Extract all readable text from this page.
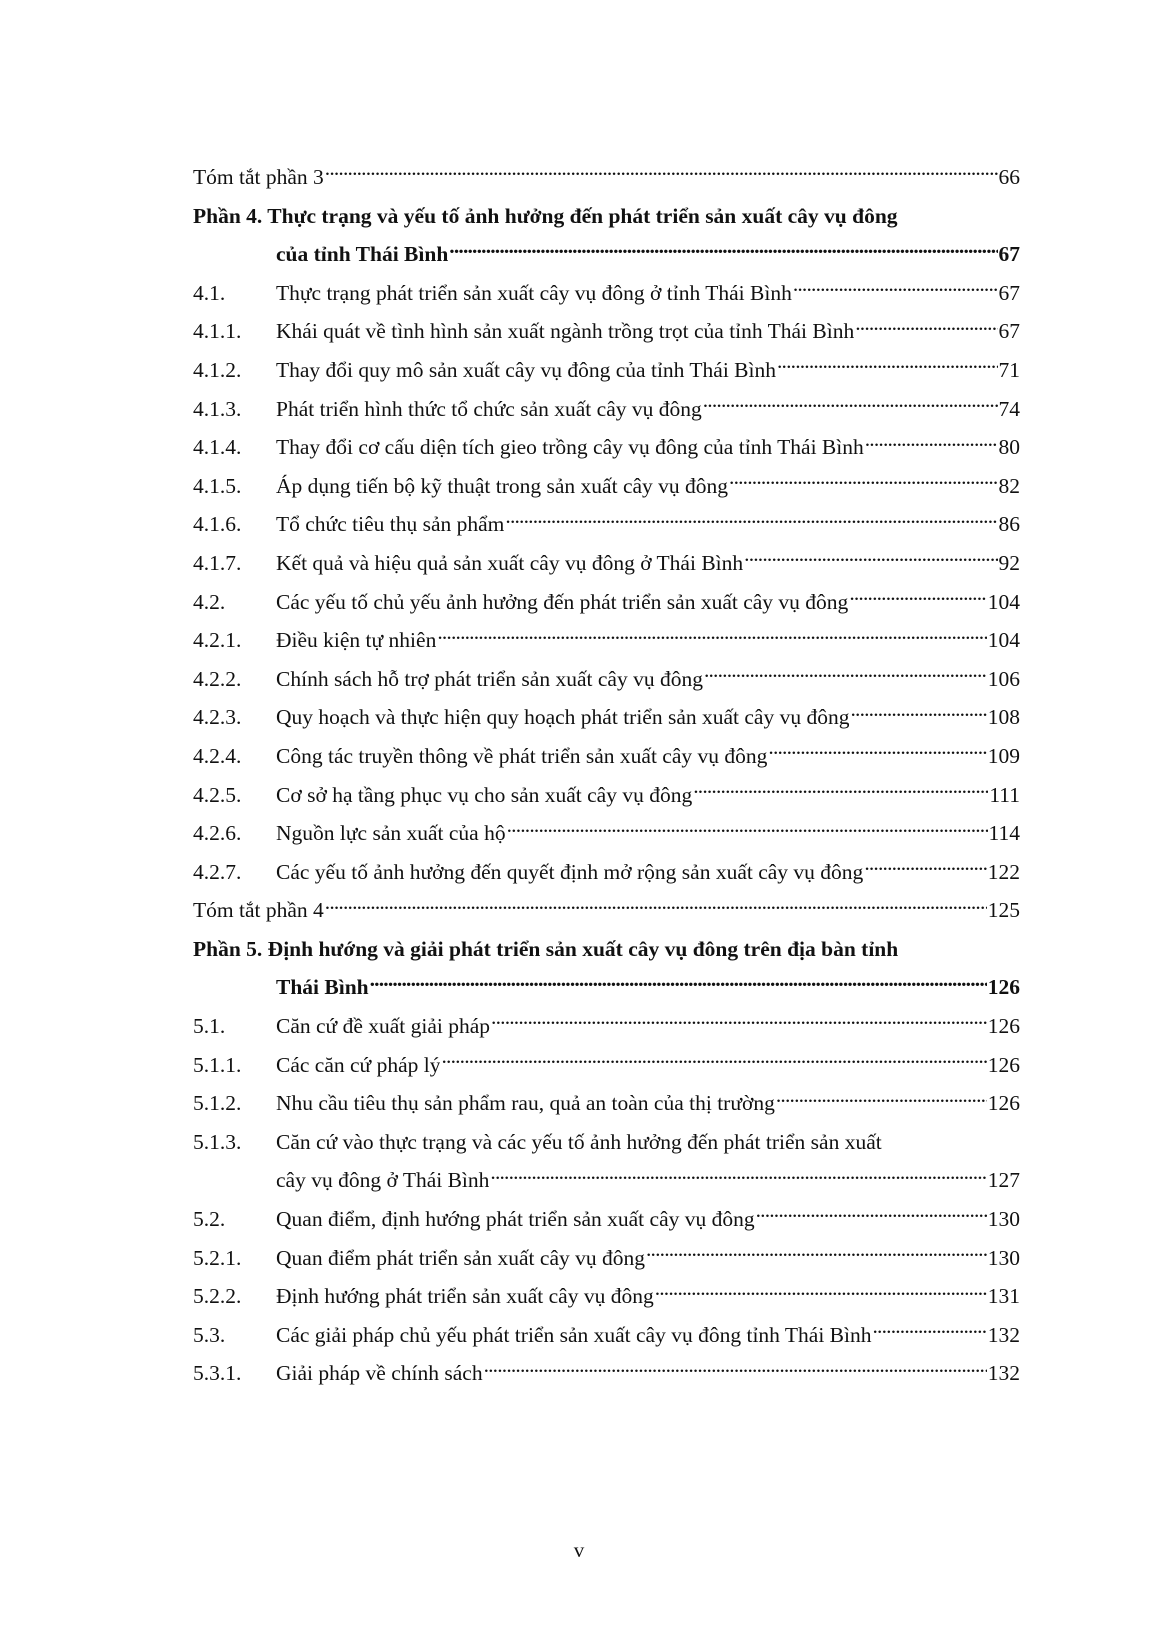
Tóm tắt phần 3 . . .	66
Phần 4. Thực trạng và yếu tố ảnh hưởng đến phát triển sản xuất cây vụ đông
của tỉnh Thái Bình . . .	67
4.1.	Thực trạng phát triển sản xuất cây vụ đông ở tỉnh Thái Bình . . .	67
4.1.1.	Khái quát về tình hình sản xuất ngành trồng trọt của tỉnh Thái Bình . . .	67
4.1.2.	Thay đổi quy mô sản xuất cây vụ đông của tỉnh Thái Bình . . .	71
4.1.3.	Phát triển hình thức tổ chức sản xuất cây vụ đông . . .	74
4.1.4.	Thay đổi cơ cấu diện tích gieo trồng cây vụ đông của tỉnh Thái Bình . . .	80
4.1.5.	Áp dụng tiến bộ kỹ thuật trong sản xuất cây vụ đông . . .	82
4.1.6.	Tổ chức tiêu thụ sản phẩm . . .	86
4.1.7.	Kết quả và hiệu quả sản xuất cây vụ đông ở Thái Bình . . .	92
4.2.	Các yếu tố chủ yếu ảnh hưởng đến phát triển sản xuất cây vụ đông . . .	104
4.2.1.	Điều kiện tự nhiên . . .	104
4.2.2.	Chính sách hỗ trợ phát triển sản xuất cây vụ đông . . .	106
4.2.3.	Quy hoạch và thực hiện quy hoạch phát triển sản xuất cây vụ đông . . .	108
4.2.4.	Công tác truyền thông về phát triển sản xuất cây vụ đông . . .	109
4.2.5.	Cơ sở hạ tầng phục vụ cho sản xuất cây vụ đông . . .	111
4.2.6.	Nguồn lực sản xuất của hộ . . .	114
4.2.7.	Các yếu tố ảnh hưởng đến quyết định mở rộng sản xuất cây vụ đông . . .	122
Tóm tắt phần 4 . . .	125
Phần 5. Định hướng và giải phát triển sản xuất cây vụ đông trên địa bàn tỉnh
Thái Bình . . .	126
5.1.	Căn cứ đề xuất giải pháp . . .	126
5.1.1.	Các căn cứ pháp lý . . .	126
5.1.2.	Nhu cầu tiêu thụ sản phẩm rau, quả an toàn của thị trường . . .	126
5.1.3.	Căn cứ vào thực trạng và các yếu tố ảnh hưởng đến phát triển sản xuất
cây vụ đông ở Thái Bình . . .	127
5.2.	Quan điểm, định hướng phát triển sản xuất cây vụ đông . . .	130
5.2.1.	Quan điểm phát triển sản xuất cây vụ đông . . .	130
5.2.2.	Định hướng phát triển sản xuất cây vụ đông . . .	131
5.3.	Các giải pháp chủ yếu phát triển sản xuất cây vụ đông tỉnh Thái Bình . . .	132
5.3.1.	Giải pháp về chính sách . . .	132
v
